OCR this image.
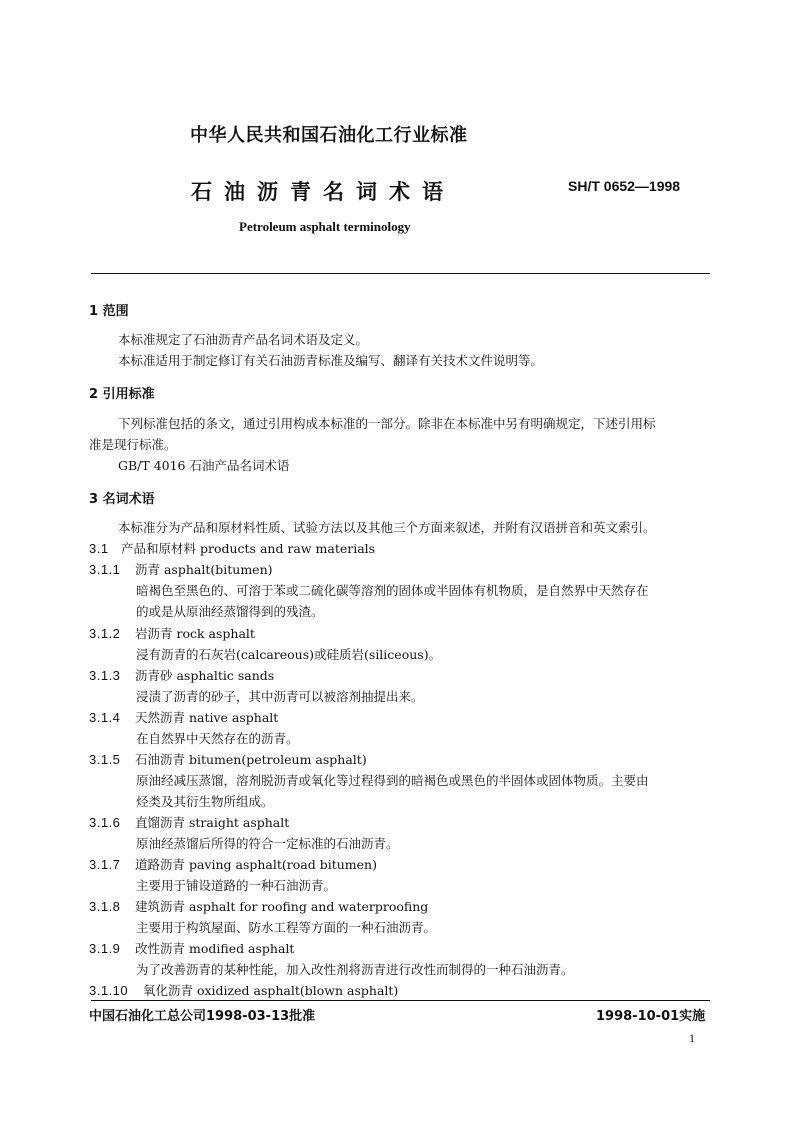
中华人民共和国石油化工行业标准
石油沥青名词术语	SH/T 0652—1998
Petroleum asphalt terminology
1 范围
本标准规定了石油沥青产品名词术语及定义。
本标准适用于制定修订有关石油沥青标准及编写、翻译有关技术文件说明等。
2 引用标准
下列标准包括的条文，通过引用构成本标准的一部分。除非在本标准中另有明确规定，下述引用标
准是现行标准。
GB/T 4016 石油产品名词术语
3 名词术语
本标准分为产品和原材料性质、试验方法以及其他三个方面来叙述，并附有汉语拼音和英文索引。
3.1 产品和原材料 products and raw materials
3.1.1 沥青 asphalt(bitumen)
暗褐色至黑色的、可溶于苯或二硫化碳等溶剂的固体或半固体有机物质，是自然界中天然存在
的或是从原油经蒸馏得到的残渣。
3.1.2 岩沥青 rock asphalt
浸有沥青的石灰岩(calcareous)或硅质岩(siliceous)。
3.1.3 沥青砂 asphaltic sands
浸渍了沥青的砂子，其中沥青可以被溶剂抽提出来。
3.1.4 天然沥青 native asphalt
在自然界中天然存在的沥青。
3.1.5 石油沥青 bitumen(petroleum asphalt)
原油经减压蒸馏，溶剂脱沥青或氧化等过程得到的暗褐色或黑色的半固体或固体物质。主要由
烃类及其衍生物所组成。
3.1.6 直馏沥青 straight asphalt
原油经蒸馏后所得的符合一定标准的石油沥青。
3.1.7 道路沥青 paving asphalt(road bitumen)
主要用于铺设道路的一种石油沥青。
3.1.8 建筑沥青 asphalt for roofing and waterproofing
主要用于构筑屋面、防水工程等方面的一种石油沥青。
3.1.9 改性沥青 modified asphalt
为了改善沥青的某种性能，加入改性剂将沥青进行改性而制得的一种石油沥青。
3.1.10 氧化沥青 oxidized asphalt(blown asphalt)
中国石油化工总公司1998-03-13批准	1998-10-01实施
1
